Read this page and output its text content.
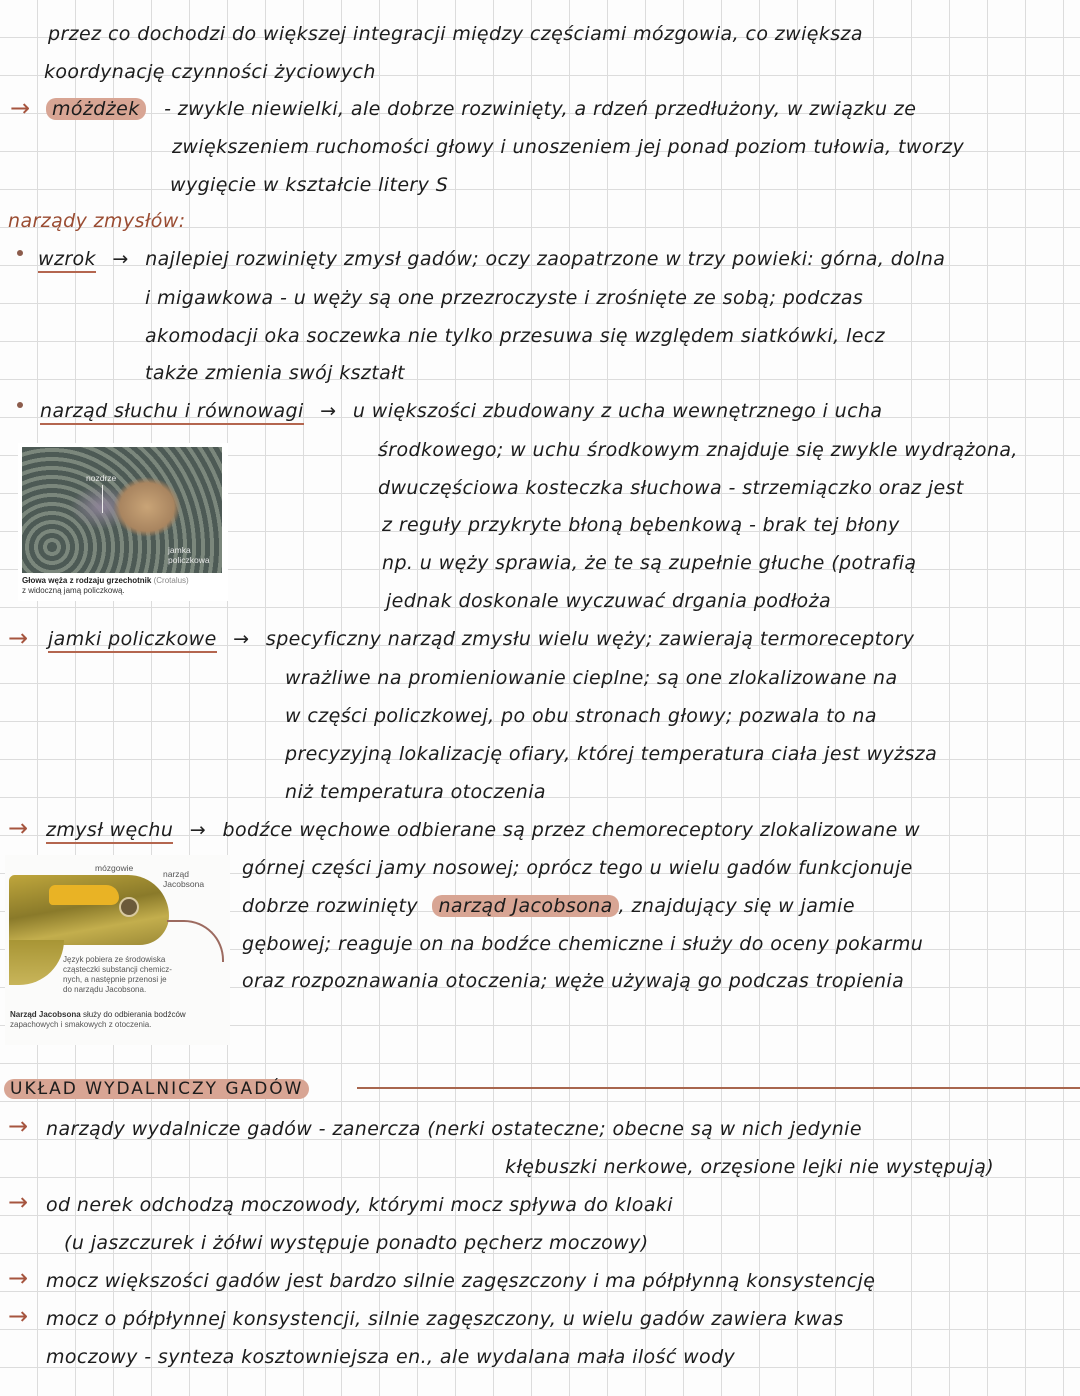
przez co dochodzi do większej integracji między częściami mózgowia, co zwiększa
koordynację czynności życiowych
→	móżdżek - zwykle niewielki, ale dobrze rozwinięty, a rdzeń przedłużony, w związku ze
zwiększeniem ruchomości głowy i unoszeniem jej ponad poziom tułowia, tworzy
wygięcie w kształcie litery S
narządy zmysłów:
wzrok → najlepiej rozwinięty zmysł gadów; oczy zaopatrzone w trzy powieki: górna, dolna
i migawkowa - u węży są one przezroczyste i zrośnięte ze sobą; podczas
akomodacji oka soczewka nie tylko przesuwa się względem siatkówki, lecz
także zmienia swój kształt
narząd słuchu i równowagi → u większości zbudowany z ucha wewnętrznego i ucha
środkowego; w uchu środkowym znajduje się zwykle wydrążona,
dwuczęściowa kosteczka słuchowa - strzemiączko oraz jest
z reguły przykryte błoną bębenkową - brak tej błony
np. u węży sprawia, że te są zupełnie głuche (potrafią
jednak doskonale wyczuwać drgania podłoża
nozdrze
jamka policzkowa
Głowa węża z rodzaju grzechotnik (Crotalus)
z widoczną jamą policzkową.
→ jamki policzkowe → specyficzny narząd zmysłu wielu węży; zawierają termoreceptory
wrażliwe na promieniowanie cieplne; są one zlokalizowane na
w części policzkowej, po obu stronach głowy; pozwala to na
precyzyjną lokalizację ofiary, której temperatura ciała jest wyższa
niż temperatura otoczenia
→ zmysł węchu → bodźce węchowe odbierane są przez chemoreceptory zlokalizowane w
górnej części jamy nosowej; oprócz tego u wielu gadów funkcjonuje
dobrze rozwinięty narząd Jacobsona , znajdujący się w jamie
gębowej; reaguje on na bodźce chemiczne i służy do oceny pokarmu
oraz rozpoznawania otoczenia; węże używają go podczas tropienia
mózgowie
narząd Jacobsona
Język pobiera ze środowiska
cząsteczki substancji chemicz-
nych, a następnie przenosi je
do narządu Jacobsona.
Narząd Jacobsona służy do odbierania bodźców
zapachowych i smakowych z otoczenia.
UKŁAD WYDALNICZY GADÓW
→ narządy wydalnicze gadów - zanercza (nerki ostateczne; obecne są w nich jedynie
kłębuszki nerkowe, orzęsione lejki nie występują)
→ od nerek odchodzą moczowody, którymi mocz spływa do kloaki
(u jaszczurek i żółwi występuje ponadto pęcherz moczowy)
→ mocz większości gadów jest bardzo silnie zagęszczony i ma półpłynną konsystencję
→ mocz o półpłynnej konsystencji, silnie zagęszczony, u wielu gadów zawiera kwas
moczowy - synteza kosztowniejsza en., ale wydalana mała ilość wody
